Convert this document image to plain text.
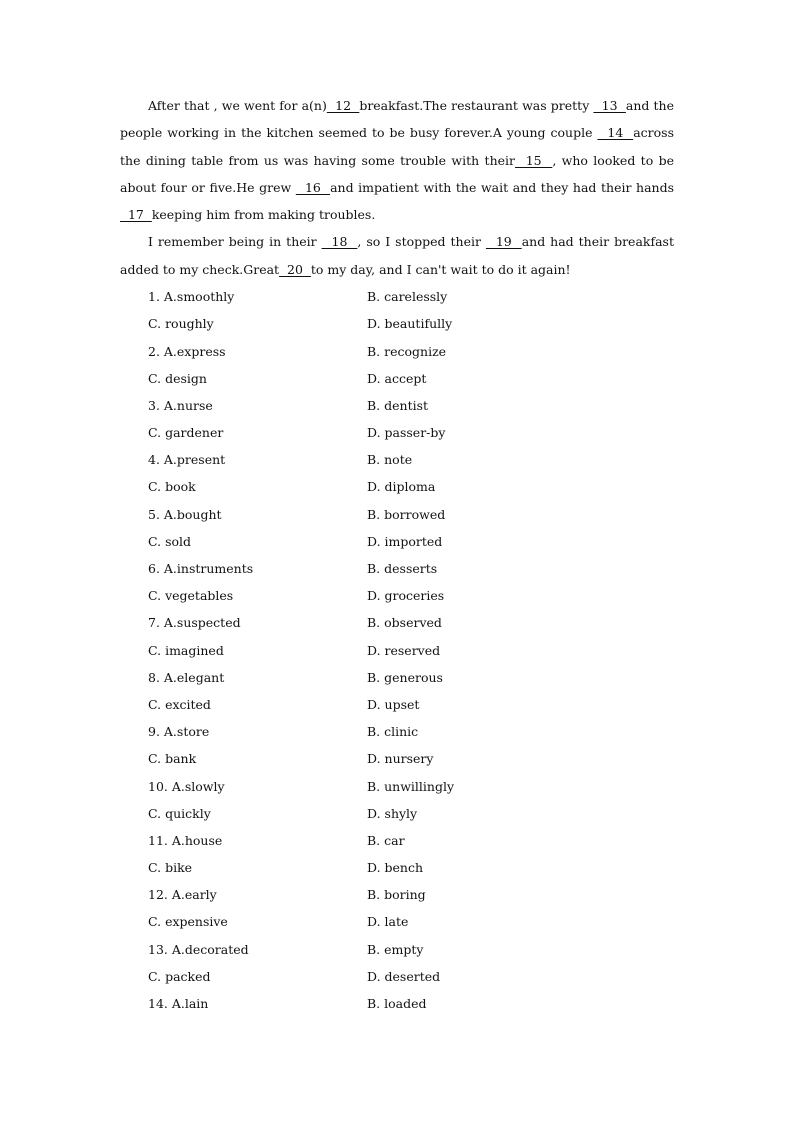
After that , we went for a(n)  12  breakfast.The restaurant was pretty   13  and the people working in the kitchen seemed to be busy forever.A young couple   14  across the dining table from us was having some trouble with their  15  , who looked to be about four or five.He grew   16  and impatient with the wait and they had their hands   17  keeping him from making troubles.

I remember being in their   18  , so I stopped their   19  and had their breakfast added to my check.Great  20  to my day, and I can't wait to do it again!

1. A.smoothly	B. carelessly
C. roughly	D. beautifully
2. A.express	B. recognize
C. design	D. accept
3. A.nurse	B. dentist
C. gardener	D. passer-by
4. A.present	B. note
C. book	D. diploma
5. A.bought	B. borrowed
C. sold	D. imported
6. A.instruments	B. desserts
C. vegetables	D. groceries
7. A.suspected	B. observed
C. imagined	D. reserved
8. A.elegant	B. generous
C. excited	D. upset
9. A.store	B. clinic
C. bank	D. nursery
10. A.slowly	B. unwillingly
C. quickly	D. shyly
11. A.house	B. car
C. bike	D. bench
12. A.early	B. boring
C. expensive	D. late
13. A.decorated	B. empty
C. packed	D. deserted
14. A.lain	B. loaded
